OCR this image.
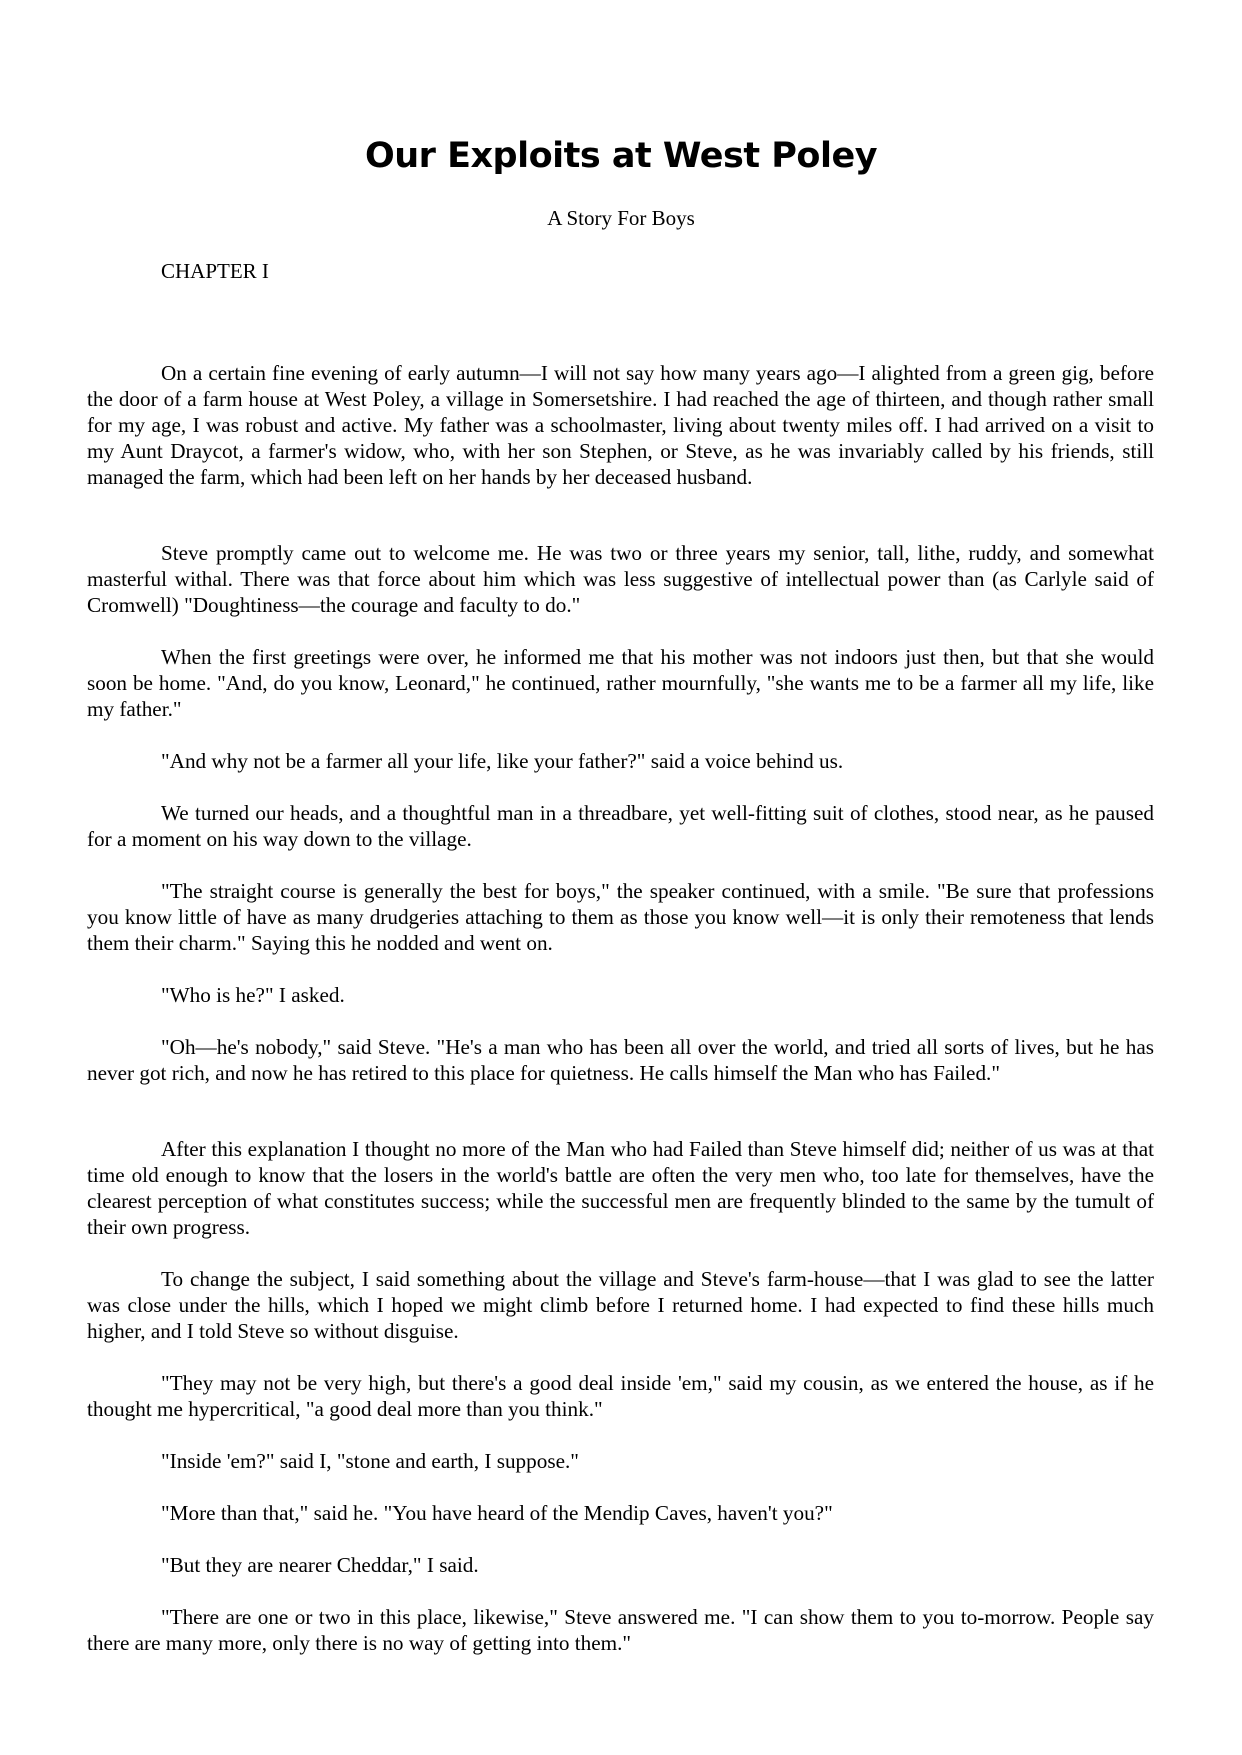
Our Exploits at West Poley

A Story For Boys

CHAPTER I

On a certain fine evening of early autumn—I will not say how many years ago—I alighted from a green gig, before the door of a farm house at West Poley, a village in Somersetshire. I had reached the age of thirteen, and though rather small for my age, I was robust and active. My father was a schoolmaster, living about twenty miles off. I had arrived on a visit to my Aunt Draycot, a farmer's widow, who, with her son Stephen, or Steve, as he was invariably called by his friends, still managed the farm, which had been left on her hands by her deceased husband.

Steve promptly came out to welcome me. He was two or three years my senior, tall, lithe, ruddy, and somewhat masterful withal. There was that force about him which was less suggestive of intellectual power than (as Carlyle said of Cromwell) "Doughtiness—the courage and faculty to do."

When the first greetings were over, he informed me that his mother was not indoors just then, but that she would soon be home. "And, do you know, Leonard," he continued, rather mournfully, "she wants me to be a farmer all my life, like my father."

"And why not be a farmer all your life, like your father?" said a voice behind us.

We turned our heads, and a thoughtful man in a threadbare, yet well-fitting suit of clothes, stood near, as he paused for a moment on his way down to the village.

"The straight course is generally the best for boys," the speaker continued, with a smile. "Be sure that professions you know little of have as many drudgeries attaching to them as those you know well—it is only their remoteness that lends them their charm." Saying this he nodded and went on.

"Who is he?" I asked.

"Oh—he's nobody," said Steve. "He's a man who has been all over the world, and tried all sorts of lives, but he has never got rich, and now he has retired to this place for quietness. He calls himself the Man who has Failed."

After this explanation I thought no more of the Man who had Failed than Steve himself did; neither of us was at that time old enough to know that the losers in the world's battle are often the very men who, too late for themselves, have the clearest perception of what constitutes success; while the successful men are frequently blinded to the same by the tumult of their own progress.

To change the subject, I said something about the village and Steve's farm-house—that I was glad to see the latter was close under the hills, which I hoped we might climb before I returned home. I had expected to find these hills much higher, and I told Steve so without disguise.

"They may not be very high, but there's a good deal inside 'em," said my cousin, as we entered the house, as if he thought me hypercritical, "a good deal more than you think."

"Inside 'em?" said I, "stone and earth, I suppose."

"More than that," said he. "You have heard of the Mendip Caves, haven't you?"

"But they are nearer Cheddar," I said.

"There are one or two in this place, likewise," Steve answered me. "I can show them to you to-morrow. People say there are many more, only there is no way of getting into them."
